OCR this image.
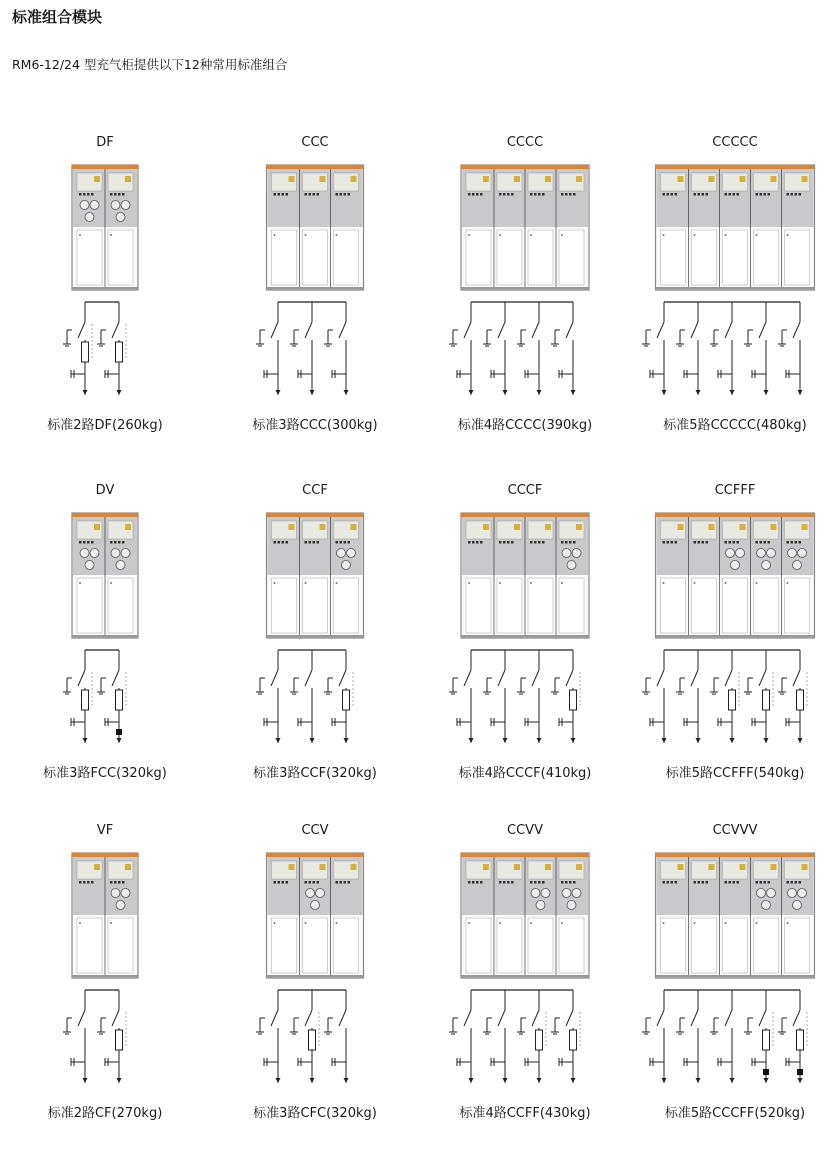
标准组合模块
RM6-12/24 型充气柜提供以下12种常用标准组合
DF
标准2路DF(260kg)
CCC
标准3路CCC(300kg)
CCCC
标准4路CCCC(390kg)
CCCCC
标准5路CCCCC(480kg)
DV
标准3路FCC(320kg)
CCF
标准3路CCF(320kg)
CCCF
标准4路CCCF(410kg)
CCFFF
标准5路CCFFF(540kg)
VF
标准2路CF(270kg)
CCV
标准3路CFC(320kg)
CCVV
标准4路CCFF(430kg)
CCVVV
标准5路CCCFF(520kg)
